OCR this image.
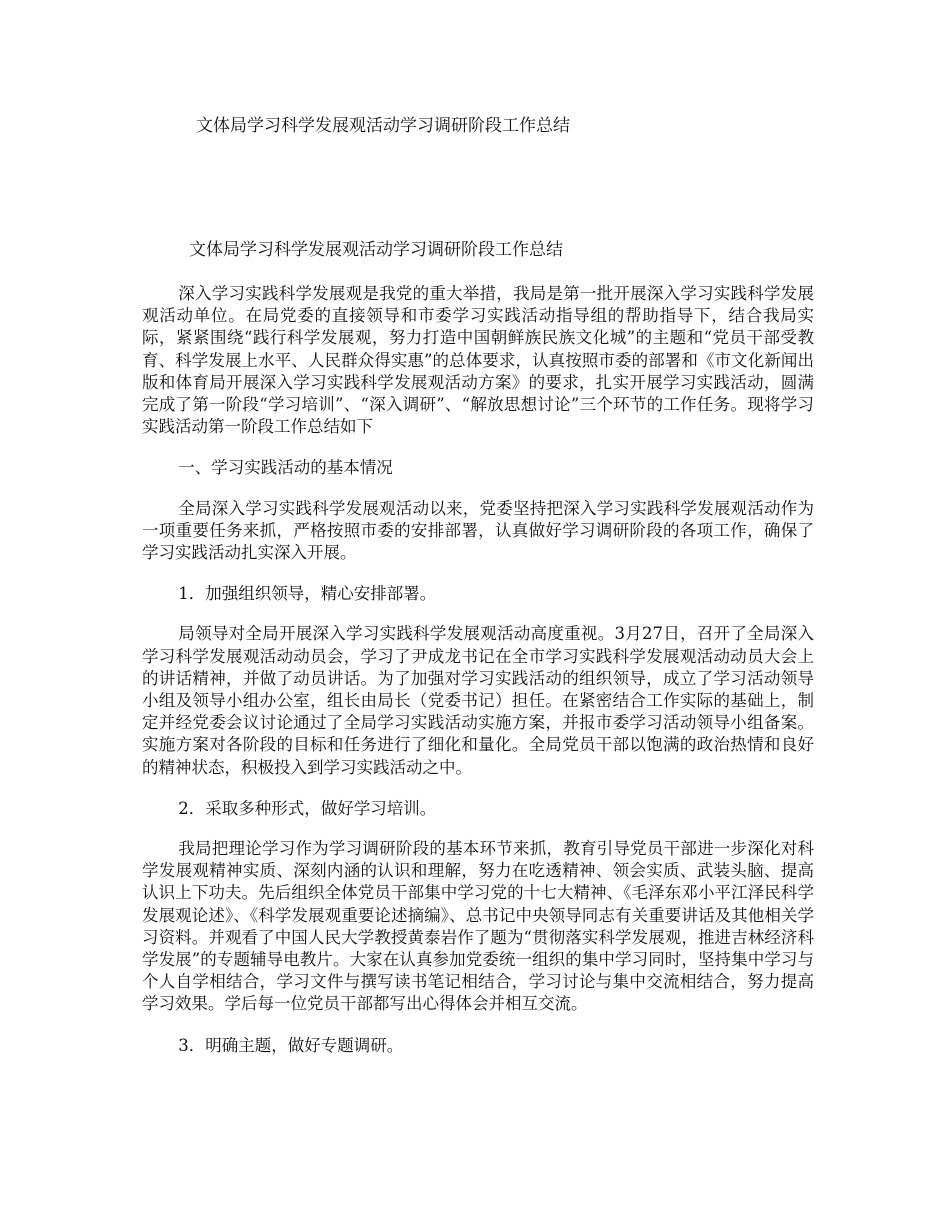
文体局学习科学发展观活动学习调研阶段工作总结
文体局学习科学发展观活动学习调研阶段工作总结

深入学习实践科学发展观是我党的重大举措，我局是第一批开展深入学习实践科学发展观活动单位。在局党委的直接领导和市委学习实践活动指导组的帮助指导下，结合我局实际，紧紧围绕“践行科学发展观，努力打造中国朝鲜族民族文化城”的主题和“党员干部受教育、科学发展上水平、人民群众得实惠”的总体要求，认真按照市委的部署和《市文化新闻出版和体育局开展深入学习实践科学发展观活动方案》的要求，扎实开展学习实践活动，圆满完成了第一阶段“学习培训”、“深入调研”、“解放思想讨论”三个环节的工作任务。现将学习实践活动第一阶段工作总结如下

一、学习实践活动的基本情况

全局深入学习实践科学发展观活动以来，党委坚持把深入学习实践科学发展观活动作为一项重要任务来抓，严格按照市委的安排部署，认真做好学习调研阶段的各项工作，确保了学习实践活动扎实深入开展。

1．加强组织领导，精心安排部署。

局领导对全局开展深入学习实践科学发展观活动高度重视。3月27日，召开了全局深入学习科学发展观活动动员会，学习了尹成龙书记在全市学习实践科学发展观活动动员大会上的讲话精神，并做了动员讲话。为了加强对学习实践活动的组织领导，成立了学习活动领导小组及领导小组办公室，组长由局长（党委书记）担任。在紧密结合工作实际的基础上，制定并经党委会议讨论通过了全局学习实践活动实施方案，并报市委学习活动领导小组备案。实施方案对各阶段的目标和任务进行了细化和量化。全局党员干部以饱满的政治热情和良好的精神状态，积极投入到学习实践活动之中。

2．采取多种形式，做好学习培训。

我局把理论学习作为学习调研阶段的基本环节来抓，教育引导党员干部进一步深化对科学发展观精神实质、深刻内涵的认识和理解，努力在吃透精神、领会实质、武装头脑、提高认识上下功夫。先后组织全体党员干部集中学习党的十七大精神、《毛泽东邓小平江泽民科学发展观论述》、《科学发展观重要论述摘编》、总书记中央领导同志有关重要讲话及其他相关学习资料。并观看了中国人民大学教授黄泰岩作了题为“贯彻落实科学发展观，推进吉林经济科学发展”的专题辅导电教片。大家在认真参加党委统一组织的集中学习同时，坚持集中学习与个人自学相结合，学习文件与撰写读书笔记相结合，学习讨论与集中交流相结合，努力提高学习效果。学后每一位党员干部都写出心得体会并相互交流。

3．明确主题，做好专题调研。
